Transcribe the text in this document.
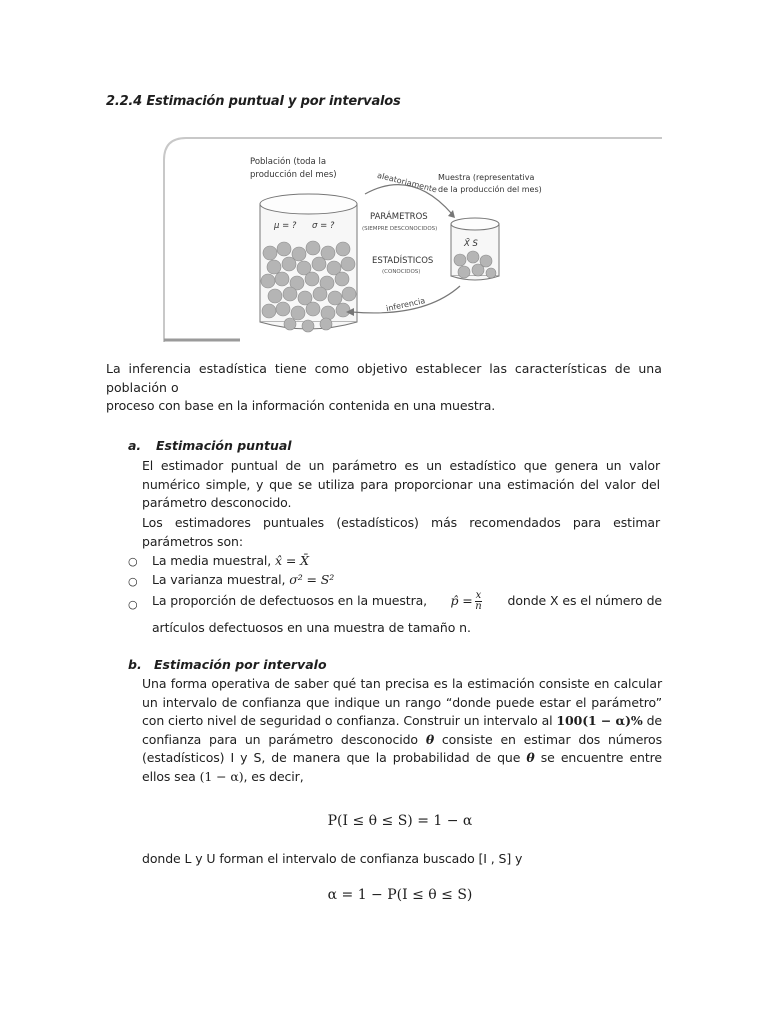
2.2.4 Estimación puntual y por intervalos
Población (toda la
producción del mes)
μ = ? σ = ?
aleatoriamente Muestra (representativa
de la producción del mes)
PARÁMETROS
(SIEMPRE DESCONOCIDOS)
X̄ S
ESTADÍSTICOS
(CONOCIDOS)
inferencia
La inferencia estadística tiene como objetivo establecer las características de una población o
proceso con base en la información contenida en una muestra.
a. Estimación puntual
El estimador puntual de un parámetro es un estadístico que genera un valor numérico simple, y que se utiliza para proporcionar una estimación del valor del parámetro desconocido.
Los estimadores puntuales (estadísticos) más recomendados para estimar parámetros son:
○ La media muestral, x̂ = X̄
○ La varianza muestral, σ² = S²
○ La proporción de defectuosos en la muestra, p̂ = $\frac{x}{n}$ donde X es el número de
artículos defectuosos en una muestra de tamaño n.
b. Estimación por intervalo
Una forma operativa de saber qué tan precisa es la estimación consiste en calcular un intervalo de confianza que indique un rango “donde puede estar el parámetro” con cierto nivel de seguridad o confianza. Construir un intervalo al 100(1 − α)% de confianza para un parámetro desconocido θ consiste en estimar dos números (estadísticos) I y S, de manera que la probabilidad de que θ se encuentre entre ellos sea (1 − α), es decir,
P(I ≤ θ ≤ S) = 1 − α
donde L y U forman el intervalo de confianza buscado [I , S] y
α = 1 − P(I ≤ θ ≤ S)
